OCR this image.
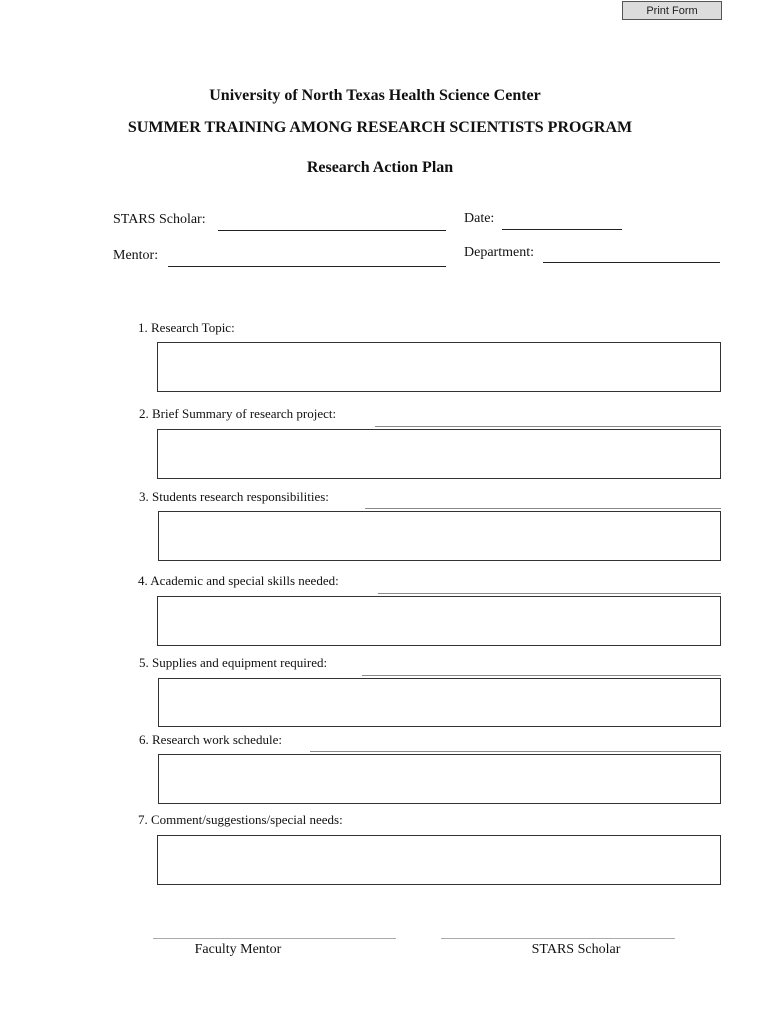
Print Form
University of North Texas Health Science Center
SUMMER TRAINING AMONG RESEARCH SCIENTISTS PROGRAM
Research Action Plan
STARS Scholar:	Date:
Mentor:	Department:
1. Research Topic:
2. Brief Summary of research project:
3. Students research responsibilities:
4. Academic and special skills needed:
5. Supplies and equipment required:
6. Research work schedule:
7. Comment/suggestions/special needs:
Faculty Mentor	STARS Scholar
